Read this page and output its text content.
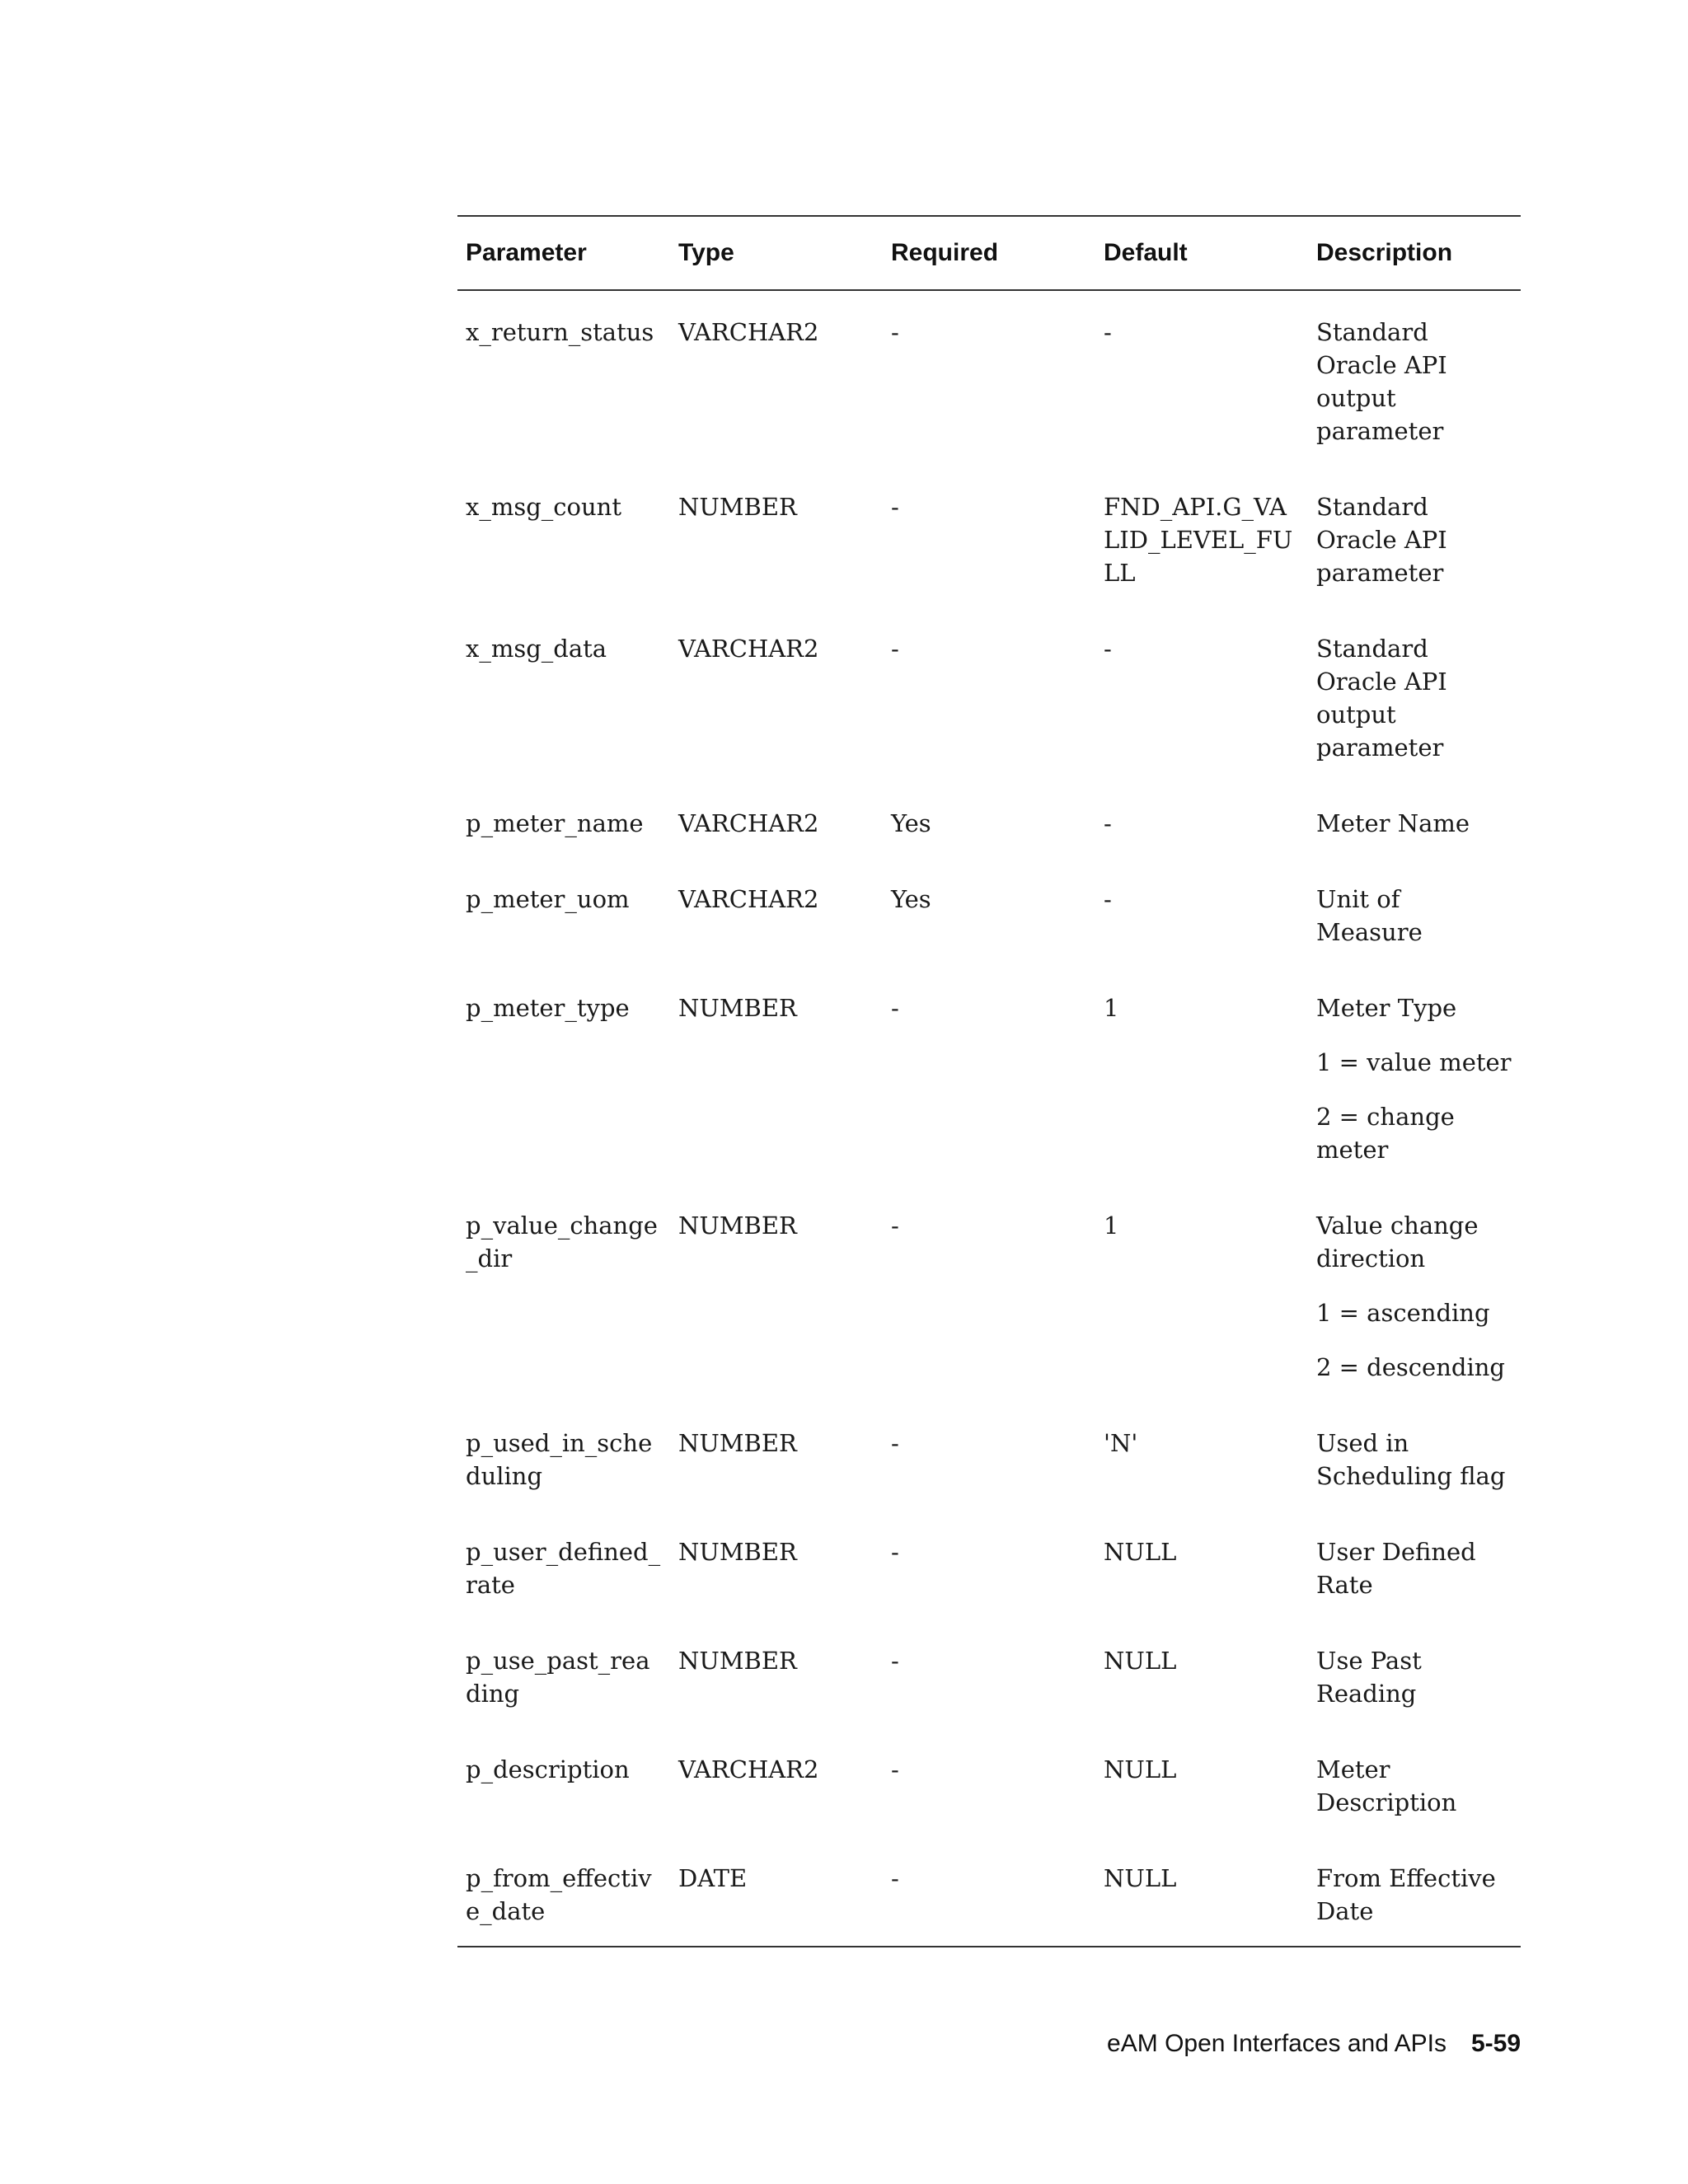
Parameter	Type	Required	Default	Description
x_return_status	VARCHAR2	-	-	Standard Oracle API output parameter

x_msg_count	NUMBER	-	FND_API.G_VALID_LEVEL_FULL	Standard Oracle API parameter

x_msg_data	VARCHAR2	-	-	Standard Oracle API output parameter

p_meter_name	VARCHAR2	Yes	-	Meter Name

p_meter_uom	VARCHAR2	Yes	-	Unit of Measure

p_meter_type	NUMBER	-	1	Meter Type
1 = value meter
2 = change meter

p_value_change_dir	NUMBER	-	1	Value change direction
1 = ascending
2 = descending

p_used_in_scheduling	NUMBER	-	'N'	Used in Scheduling flag

p_user_defined_rate	NUMBER	-	NULL	User Defined Rate

p_use_past_reading	NUMBER	-	NULL	Use Past Reading

p_description	VARCHAR2	-	NULL	Meter Description

p_from_effective_date	DATE	-	NULL	From Effective Date
eAM Open Interfaces and APIs 5-59
